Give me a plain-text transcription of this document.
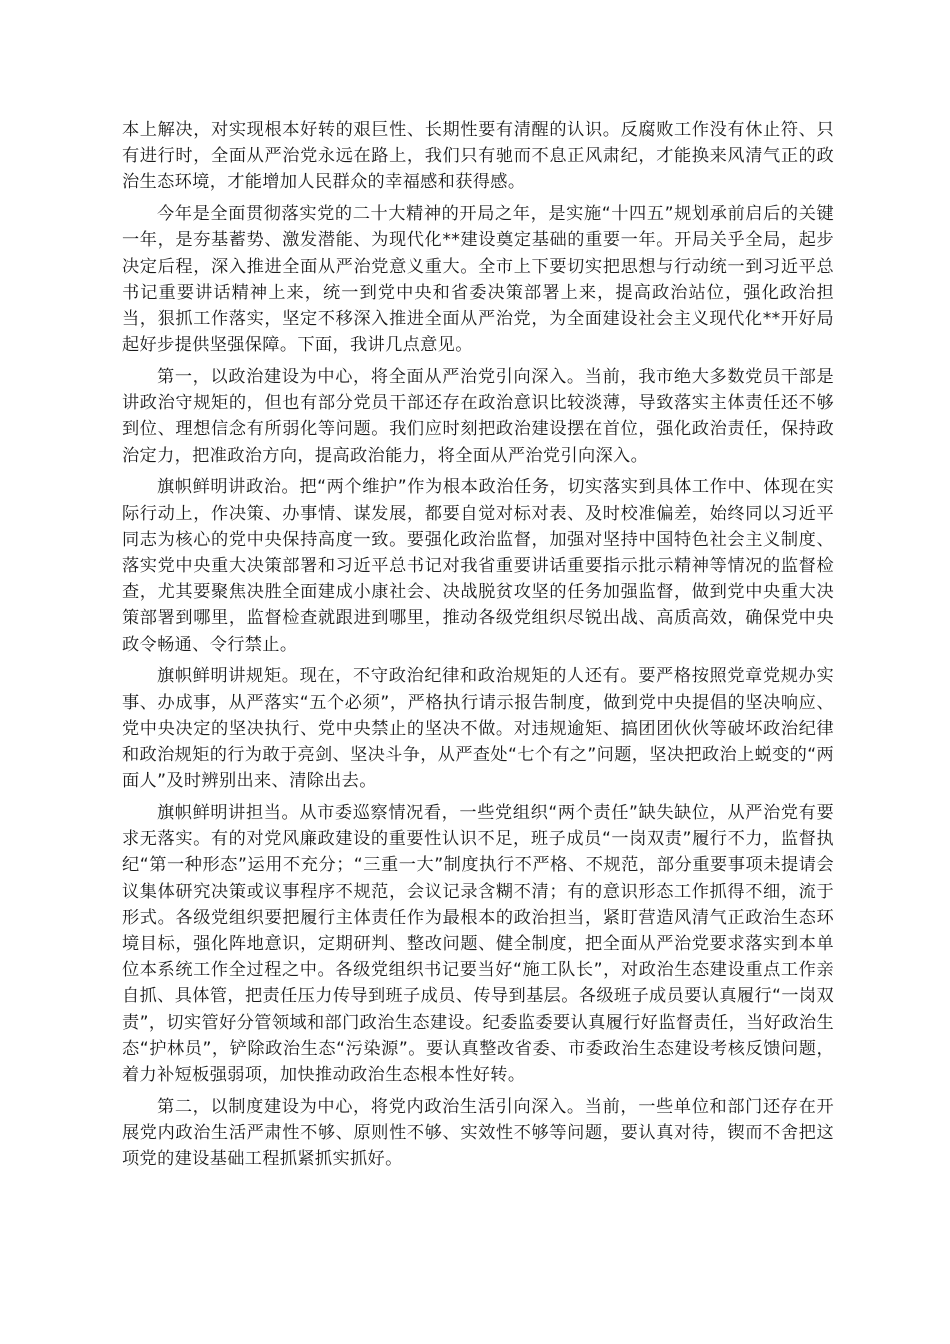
本上解决，对实现根本好转的艰巨性、长期性要有清醒的认识。反腐败工作没有休止符、只有进行时，全面从严治党永远在路上，我们只有驰而不息正风肃纪，才能换来风清气正的政治生态环境，才能增加人民群众的幸福感和获得感。

今年是全面贯彻落实党的二十大精神的开局之年，是实施“十四五”规划承前启后的关键一年，是夯基蓄势、激发潜能、为现代化**建设奠定基础的重要一年。开局关乎全局，起步决定后程，深入推进全面从严治党意义重大。全市上下要切实把思想与行动统一到习近平总书记重要讲话精神上来，统一到党中央和省委决策部署上来，提高政治站位，强化政治担当，狠抓工作落实，坚定不移深入推进全面从严治党，为全面建设社会主义现代化**开好局起好步提供坚强保障。下面，我讲几点意见。

第一，以政治建设为中心，将全面从严治党引向深入。当前，我市绝大多数党员干部是讲政治守规矩的，但也有部分党员干部还存在政治意识比较淡薄，导致落实主体责任还不够到位、理想信念有所弱化等问题。我们应时刻把政治建设摆在首位，强化政治责任，保持政治定力，把准政治方向，提高政治能力，将全面从严治党引向深入。

旗帜鲜明讲政治。把“两个维护”作为根本政治任务，切实落实到具体工作中、体现在实际行动上，作决策、办事情、谋发展，都要自觉对标对表、及时校准偏差，始终同以习近平同志为核心的党中央保持高度一致。要强化政治监督，加强对坚持中国特色社会主义制度、落实党中央重大决策部署和习近平总书记对我省重要讲话重要指示批示精神等情况的监督检查，尤其要聚焦决胜全面建成小康社会、决战脱贫攻坚的任务加强监督，做到党中央重大决策部署到哪里，监督检查就跟进到哪里，推动各级党组织尽锐出战、高质高效，确保党中央政令畅通、令行禁止。

旗帜鲜明讲规矩。现在，不守政治纪律和政治规矩的人还有。要严格按照党章党规办实事、办成事，从严落实“五个必须”，严格执行请示报告制度，做到党中央提倡的坚决响应、党中央决定的坚决执行、党中央禁止的坚决不做。对违规逾矩、搞团团伙伙等破坏政治纪律和政治规矩的行为敢于亮剑、坚决斗争，从严查处“七个有之”问题，坚决把政治上蜕变的“两面人”及时辨别出来、清除出去。

旗帜鲜明讲担当。从市委巡察情况看，一些党组织“两个责任”缺失缺位，从严治党有要求无落实。有的对党风廉政建设的重要性认识不足，班子成员“一岗双责”履行不力，监督执纪“第一种形态”运用不充分；“三重一大”制度执行不严格、不规范，部分重要事项未提请会议集体研究决策或议事程序不规范，会议记录含糊不清；有的意识形态工作抓得不细，流于形式。各级党组织要把履行主体责任作为最根本的政治担当，紧盯营造风清气正政治生态环境目标，强化阵地意识，定期研判、整改问题、健全制度，把全面从严治党要求落实到本单位本系统工作全过程之中。各级党组织书记要当好“施工队长”，对政治生态建设重点工作亲自抓、具体管，把责任压力传导到班子成员、传导到基层。各级班子成员要认真履行“一岗双责”，切实管好分管领域和部门政治生态建设。纪委监委要认真履行好监督责任，当好政治生态“护林员”，铲除政治生态“污染源”。要认真整改省委、市委政治生态建设考核反馈问题，着力补短板强弱项，加快推动政治生态根本性好转。

第二，以制度建设为中心，将党内政治生活引向深入。当前，一些单位和部门还存在开展党内政治生活严肃性不够、原则性不够、实效性不够等问题，要认真对待，锲而不舍把这项党的建设基础工程抓紧抓实抓好。
